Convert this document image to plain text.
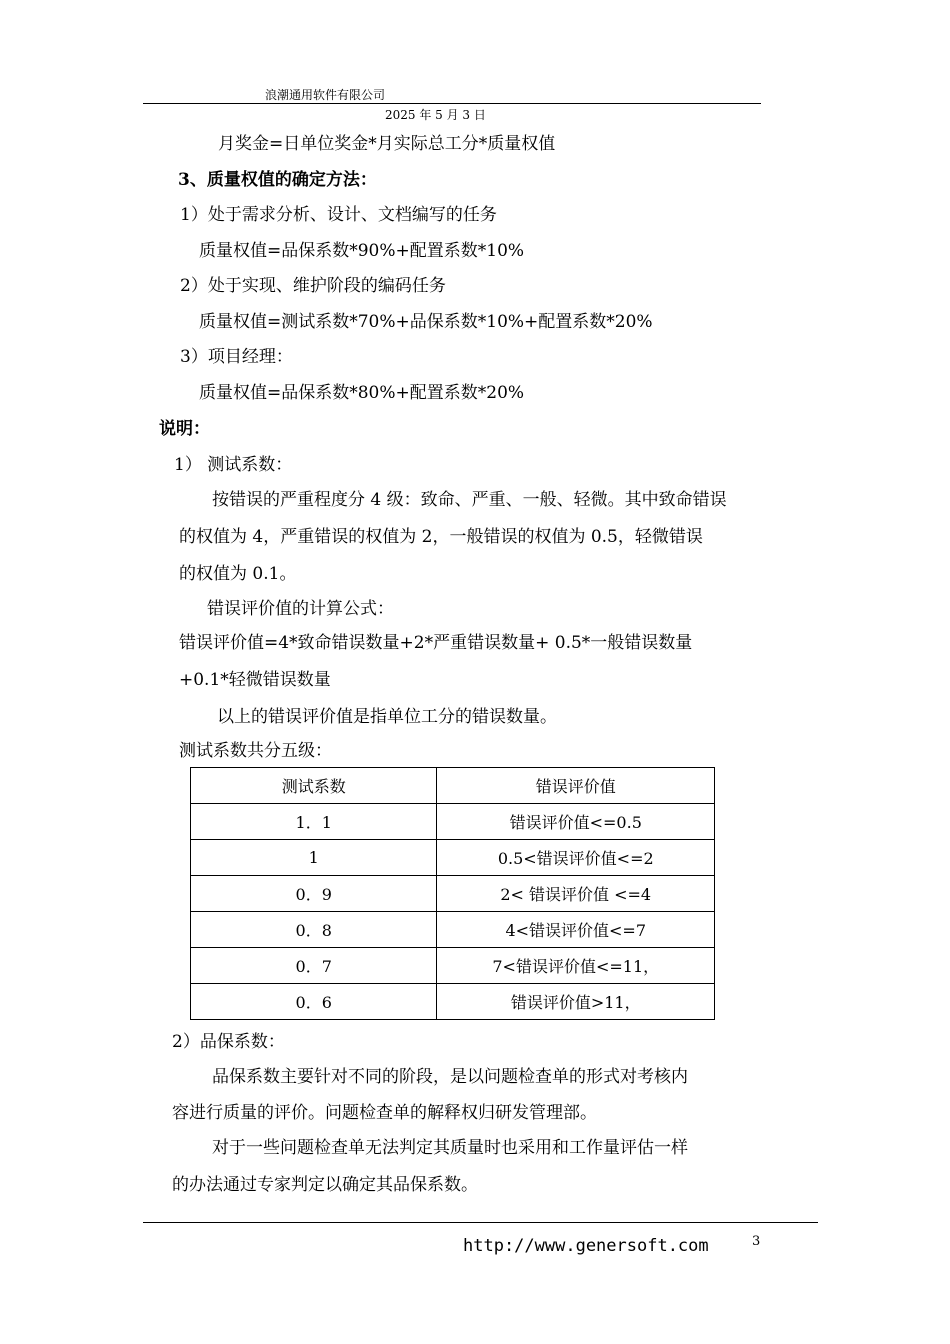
浪潮通用软件有限公司
2025 年 5 月 3 日
月奖金=日单位奖金*月实际总工分*质量权值
3、质量权值的确定方法：
1）处于需求分析、设计、文档编写的任务
质量权值=品保系数*90%+配置系数*10%
2）处于实现、维护阶段的编码任务
质量权值=测试系数*70%+品保系数*10%+配置系数*20%
3）项目经理：
质量权值=品保系数*80%+配置系数*20%
说明：
1） 测试系数：
按错误的严重程度分 4 级：致命、严重、一般、轻微。其中致命错误
的权值为 4，严重错误的权值为 2，一般错误的权值为 0.5，轻微错误
的权值为 0.1。
错误评价值的计算公式：
错误评价值=4*致命错误数量+2*严重错误数量+ 0.5*一般错误数量
+0.1*轻微错误数量
以上的错误评价值是指单位工分的错误数量。
测试系数共分五级：
测试系数	错误评价值
1．1	错误评价值<=0.5
1	0.5<错误评价值<=2
0．9	2< 错误评价值 <=4
0．8	4<错误评价值<=7
0．7	7<错误评价值<=11，
0．6	错误评价值>11，
2）品保系数：
品保系数主要针对不同的阶段，是以问题检查单的形式对考核内
容进行质量的评价。问题检查单的解释权归研发管理部。
对于一些问题检查单无法判定其质量时也采用和工作量评估一样
的办法通过专家判定以确定其品保系数。
http://www.genersoft.com	3
